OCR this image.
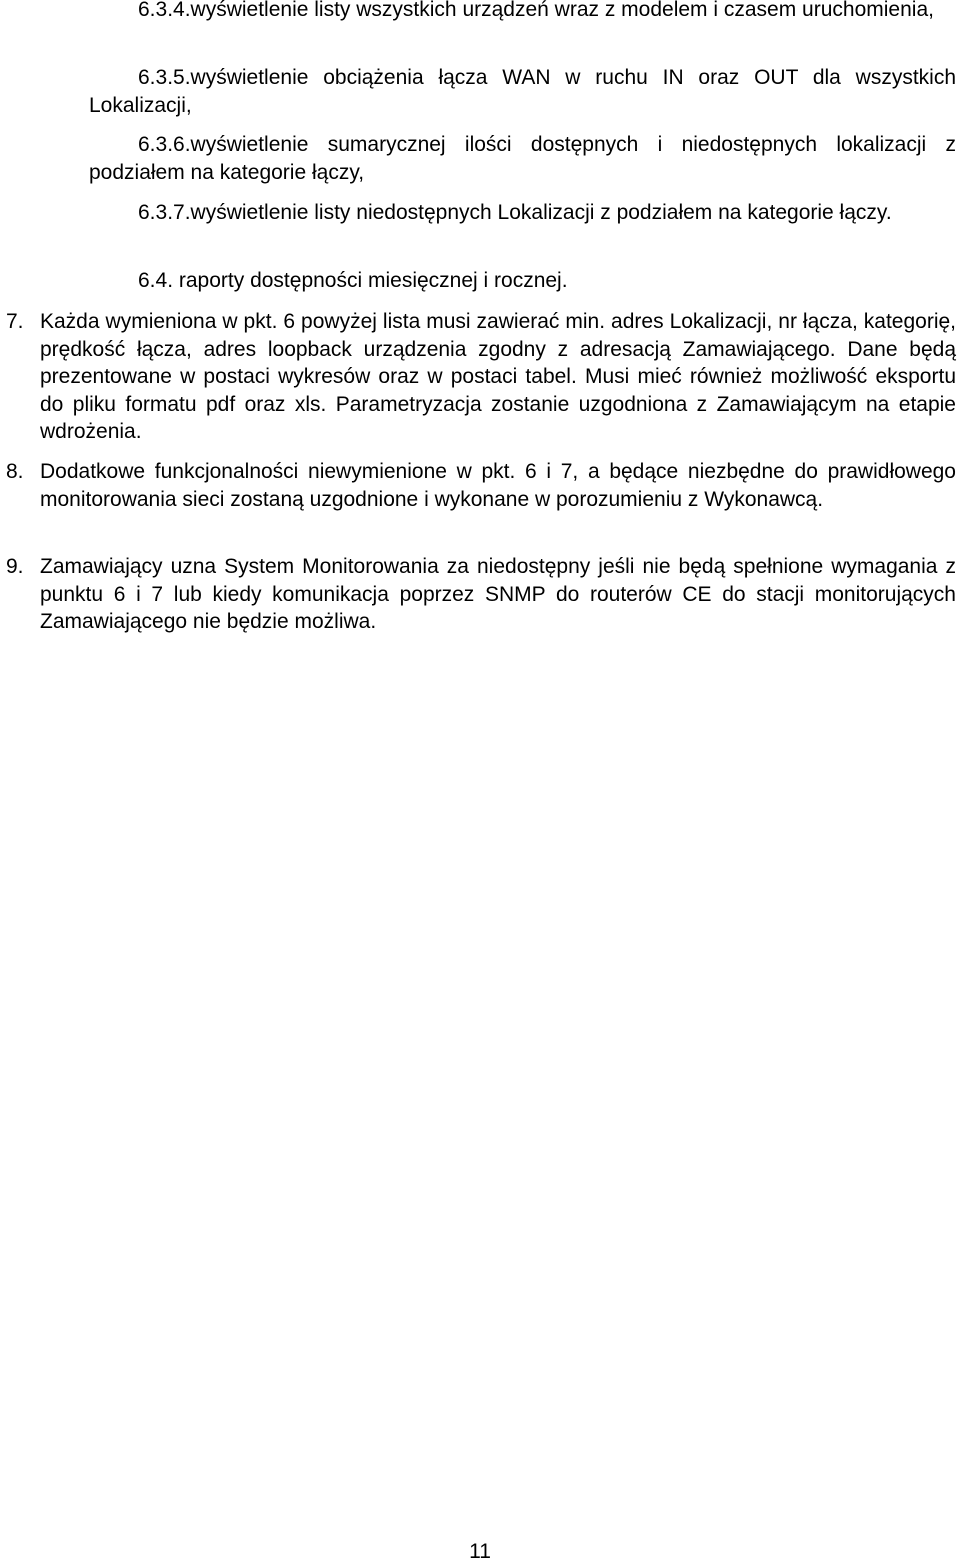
6.3.4.wyświetlenie listy wszystkich urządzeń wraz z modelem i czasem uruchomienia,
6.3.5.wyświetlenie obciążenia łącza WAN w ruchu IN oraz OUT dla wszystkich Lokalizacji,
6.3.6.wyświetlenie sumarycznej ilości dostępnych i niedostępnych lokalizacji z podziałem na kategorie łączy,
6.3.7.wyświetlenie listy niedostępnych Lokalizacji z podziałem na kategorie łączy.
6.4. raporty dostępności miesięcznej i rocznej.
7. Każda wymieniona w pkt. 6 powyżej lista musi zawierać min. adres Lokalizacji, nr łącza, kategorię, prędkość łącza, adres loopback urządzenia zgodny z adresacją Zamawiającego. Dane będą prezentowane w postaci wykresów oraz w postaci tabel. Musi mieć również możliwość eksportu do pliku formatu pdf oraz xls. Parametryzacja zostanie uzgodniona z Zamawiającym na etapie wdrożenia.
8. Dodatkowe funkcjonalności niewymienione w pkt. 6 i 7, a będące niezbędne do prawidłowego monitorowania sieci zostaną uzgodnione i wykonane w porozumieniu z Wykonawcą.
9. Zamawiający uzna System Monitorowania za niedostępny jeśli nie będą spełnione wymagania z punktu 6 i 7 lub kiedy komunikacja poprzez SNMP do routerów CE do stacji monitorujących Zamawiającego nie będzie możliwa.
11
